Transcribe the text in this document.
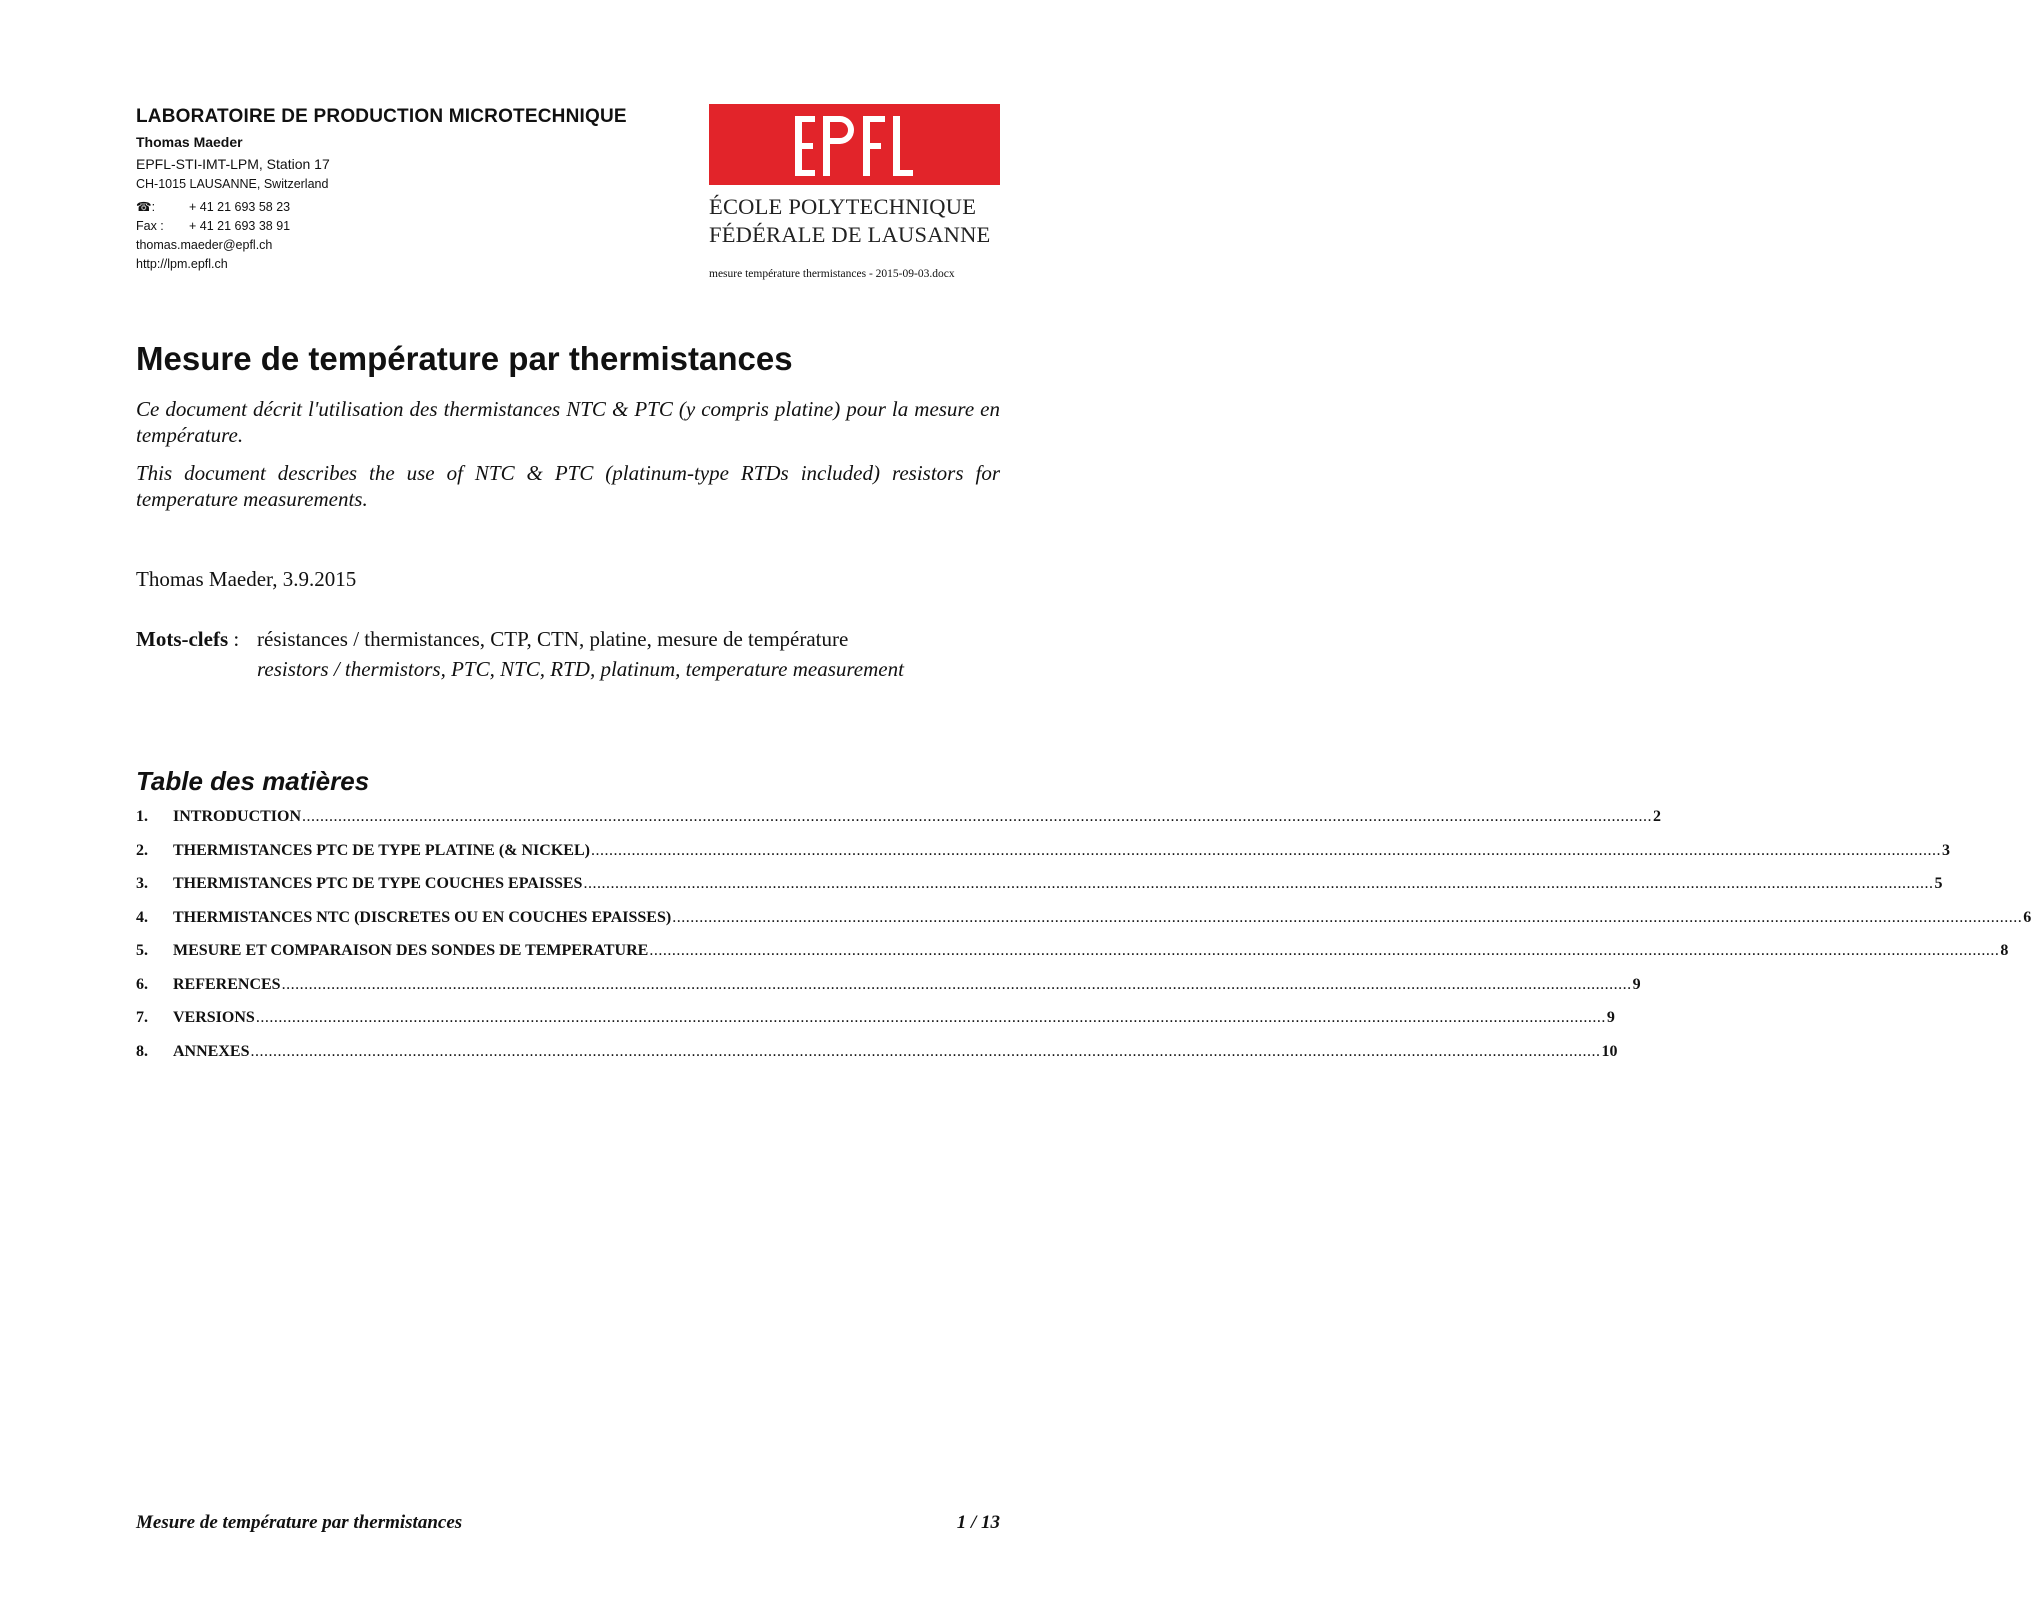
LABORATOIRE DE PRODUCTION MICROTECHNIQUE
Thomas Maeder
EPFL-STI-IMT-LPM, Station 17
CH-1015 LAUSANNE, Switzerland
☎:	+ 41 21 693 58 23
Fax : + 41 21 693 38 91
thomas.maeder@epfl.ch
http://lpm.epfl.ch
ÉCOLE POLYTECHNIQUE
FÉDÉRALE DE LAUSANNE
mesure température thermistances - 2015-09-03.docx
Mesure de température par thermistances
Ce document décrit l'utilisation des thermistances NTC & PTC (y compris platine) pour la mesure en température.
This document describes the use of NTC & PTC (platinum-type RTDs included) resistors for temperature measurements.
Thomas Maeder, 3.9.2015
Mots-clefs : résistances / thermistances, CTP, CTN, platine, mesure de température
resistors / thermistors, PTC, NTC, RTD, platinum, temperature measurement
Table des matières
1.	INTRODUCTION ............................................................................................................................................................................................................................................................................................................ 2
2.	THERMISTANCES PTC DE TYPE PLATINE (& NICKEL) ............................................................................................................................................................................................................................................................................................................ 3
3.	THERMISTANCES PTC DE TYPE COUCHES EPAISSES ............................................................................................................................................................................................................................................................................................................ 5
4.	THERMISTANCES NTC (DISCRETES OU EN COUCHES EPAISSES) ............................................................................................................................................................................................................................................................................................................ 6
5.	MESURE ET COMPARAISON DES SONDES DE TEMPERATURE ............................................................................................................................................................................................................................................................................................................ 8
6.	REFERENCES ............................................................................................................................................................................................................................................................................................................ 9
7.	VERSIONS ............................................................................................................................................................................................................................................................................................................ 9
8.	ANNEXES ............................................................................................................................................................................................................................................................................................................ 10
Mesure de température par thermistances	1 / 13
